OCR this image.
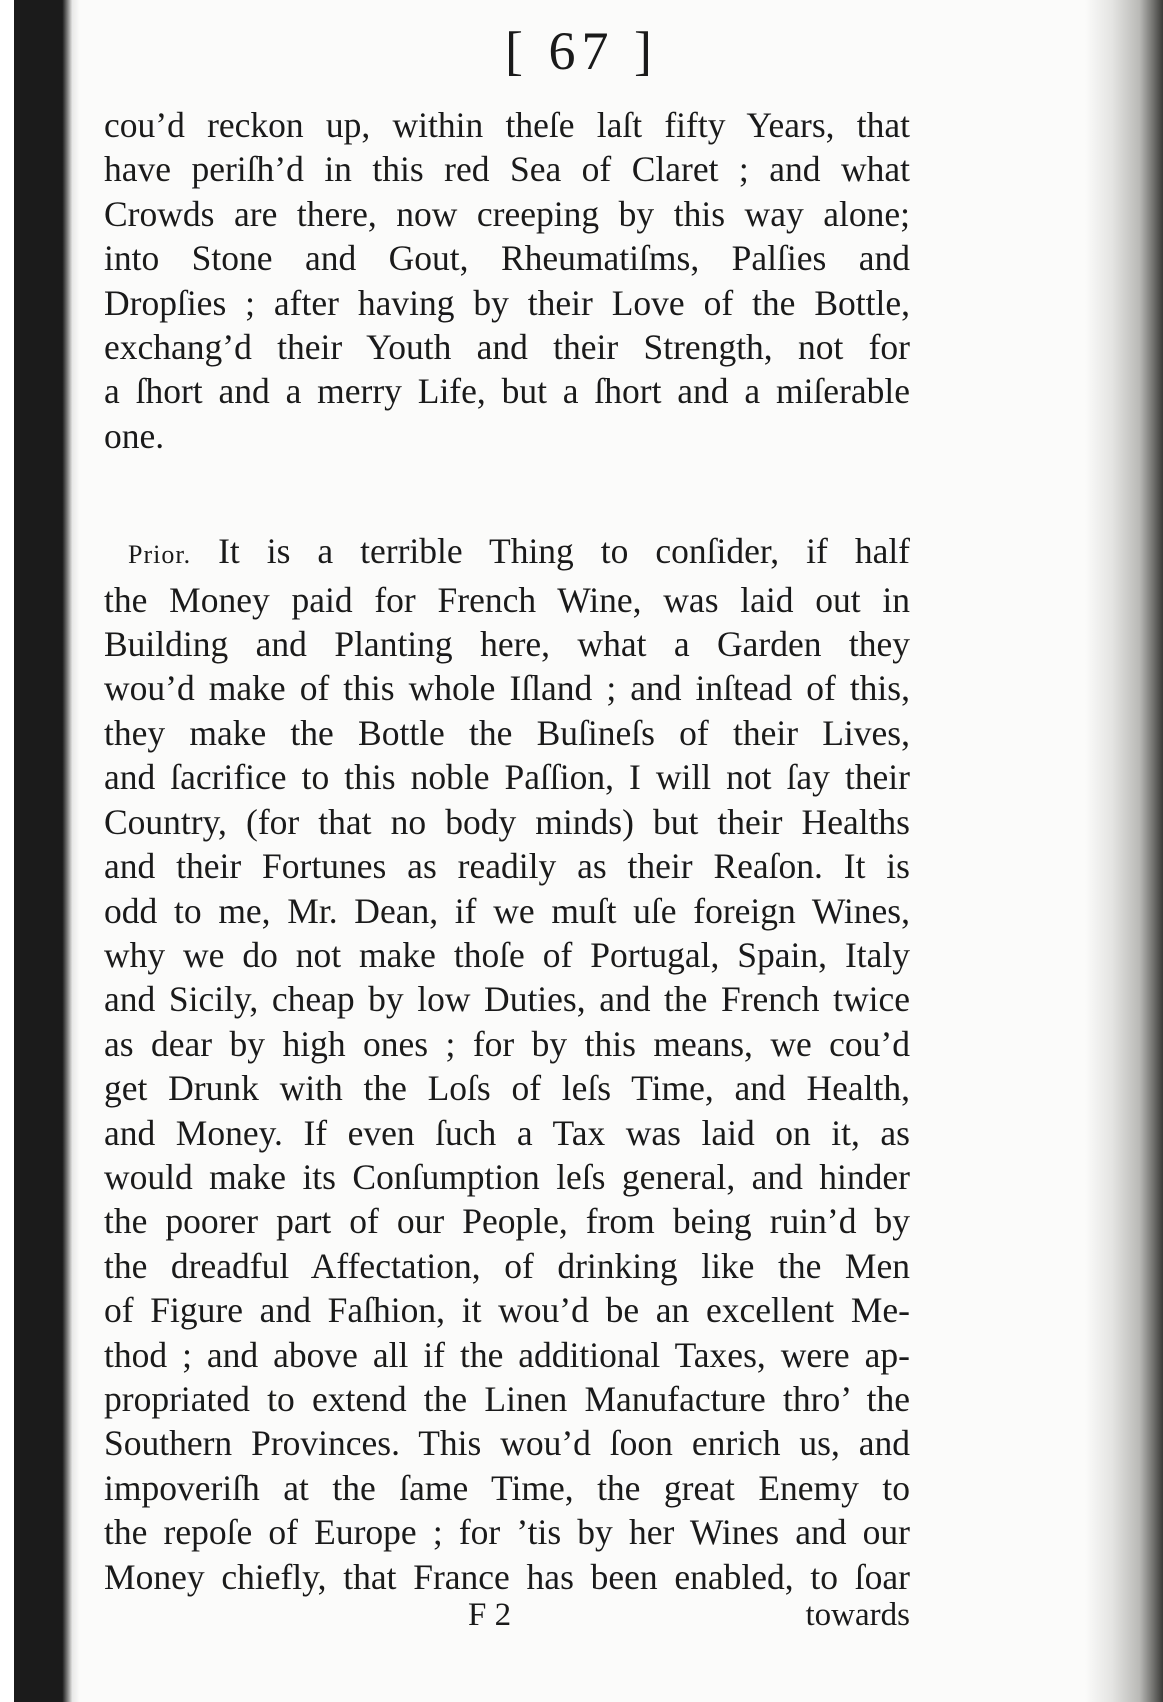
[ 67 ]
cou’d reckon up, within theſe laſt fifty Years, that
have periſh’d in this red Sea of Claret ; and what
Crowds are there, now creeping by this way alone;
into Stone and Gout, Rheumatiſms, Palſies and
Dropſies ; after having by their Love of the Bottle,
exchang’d their Youth and their Strength, not for
a ſhort and a merry Life, but a ſhort and a miſerable
one.
Prior. It is a terrible Thing to conſider, if half
the Money paid for French Wine, was laid out in
Building and Planting here, what a Garden they
wou’d make of this whole Iſland ; and inſtead of this,
they make the Bottle the Buſineſs of their Lives,
and ſacrifice to this noble Paſſion, I will not ſay their
Country, (for that no body minds) but their Healths
and their Fortunes as readily as their Reaſon. It is
odd to me, Mr. Dean, if we muſt uſe foreign Wines,
why we do not make thoſe of Portugal, Spain, Italy
and Sicily, cheap by low Duties, and the French twice
as dear by high ones ; for by this means, we cou’d
get Drunk with the Loſs of leſs Time, and Health,
and Money. If even ſuch a Tax was laid on it, as
would make its Conſumption leſs general, and hinder
the poorer part of our People, from being ruin’d by
the dreadful Affectation, of drinking like the Men
of Figure and Faſhion, it wou’d be an excellent Me-
thod ; and above all if the additional Taxes, were ap-
propriated to extend the Linen Manufacture thro’ the
Southern Provinces. This wou’d ſoon enrich us, and
impoveriſh at the ſame Time, the great Enemy to
the repoſe of Europe ; for ’tis by her Wines and our
Money chiefly, that France has been enabled, to ſoar
F 2	towards
